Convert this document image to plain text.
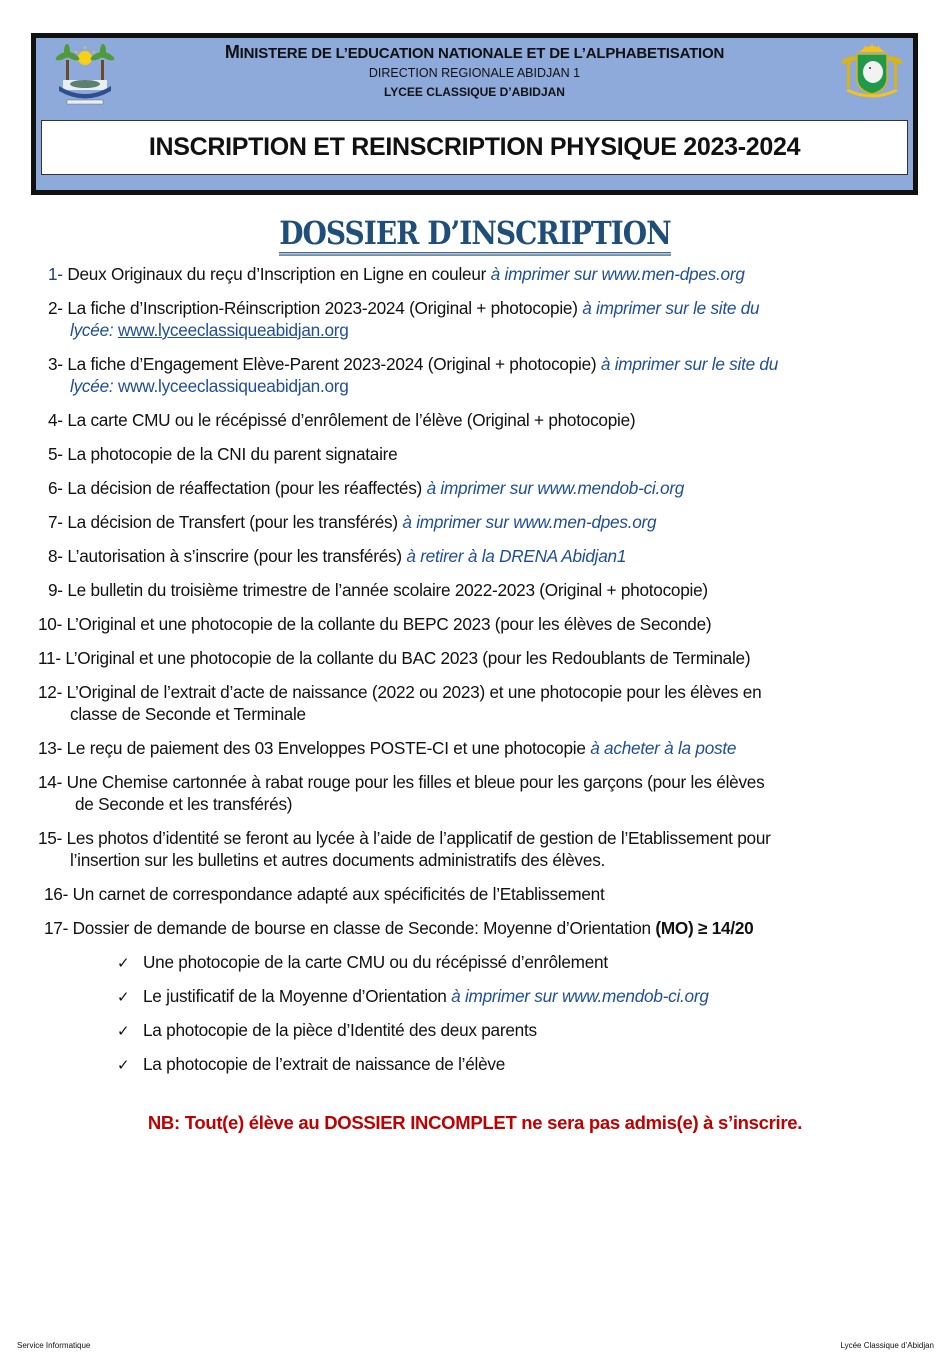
MINISTERE DE L’EDUCATION NATIONALE ET DE L’ALPHABETISATION
DIRECTION REGIONALE ABIDJAN 1
LYCEE CLASSIQUE D’ABIDJAN
INSCRIPTION ET REINSCRIPTION PHYSIQUE 2023-2024
DOSSIER D’INSCRIPTION
1- Deux Originaux du reçu d’Inscription en Ligne en couleur à imprimer sur www.men-dpes.org
2- La fiche d’Inscription-Réinscription 2023-2024 (Original + photocopie) à imprimer sur le site du
lycée: www.lyceeclassiqueabidjan.org
3- La fiche d’Engagement Elève-Parent 2023-2024 (Original + photocopie) à imprimer sur le site du
lycée: www.lyceeclassiqueabidjan.org
4- La carte CMU ou le récépissé d’enrôlement de l’élève (Original + photocopie)
5- La photocopie de la CNI du parent signataire
6- La décision de réaffectation (pour les réaffectés) à imprimer sur www.mendob-ci.org
7- La décision de Transfert (pour les transférés) à imprimer sur www.men-dpes.org
8- L’autorisation à s’inscrire (pour les transférés) à retirer à la DRENA Abidjan1
9- Le bulletin du troisième trimestre de l’année scolaire 2022-2023 (Original + photocopie)
10- L’Original et une photocopie de la collante du BEPC 2023 (pour les élèves de Seconde)
11- L’Original et une photocopie de la collante du BAC 2023 (pour les Redoublants de Terminale)
12- L’Original de l’extrait d’acte de naissance (2022 ou 2023) et une photocopie pour les élèves en
classe de Seconde et Terminale
13- Le reçu de paiement des 03 Enveloppes POSTE-CI et une photocopie à acheter à la poste
14- Une Chemise cartonnée à rabat rouge pour les filles et bleue pour les garçons (pour les élèves
de Seconde et les transférés)
15- Les photos d’identité se feront au lycée à l’aide de l’applicatif de gestion de l’Etablissement pour
l’insertion sur les bulletins et autres documents administratifs des élèves.
16- Un carnet de correspondance adapté aux spécificités de l’Etablissement
17- Dossier de demande de bourse en classe de Seconde: Moyenne d’Orientation (MO) ≥ 14/20
✓ Une photocopie de la carte CMU ou du récépissé d’enrôlement
✓ Le justificatif de la Moyenne d’Orientation à imprimer sur www.mendob-ci.org
✓ La photocopie de la pièce d’Identité des deux parents
✓ La photocopie de l’extrait de naissance de l’élève
NB: Tout(e) élève au DOSSIER INCOMPLET ne sera pas admis(e) à s’inscrire.
Service Informatique	Lycée Classique d’Abidjan
